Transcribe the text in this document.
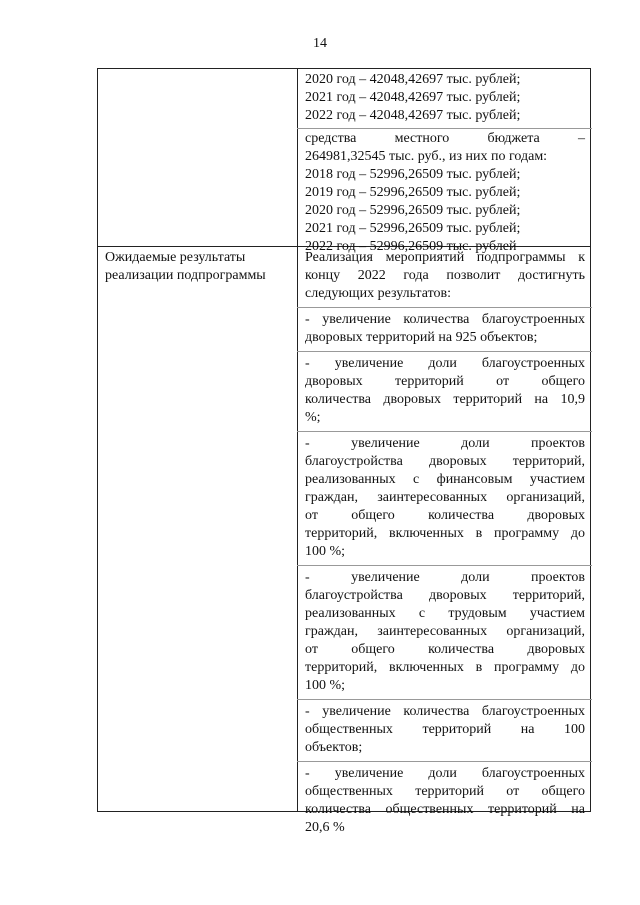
14
2020 год – 42048,42697 тыс. рублей;
2021 год – 42048,42697 тыс. рублей;
2022 год – 42048,42697 тыс. рублей;
средства местного бюджета –
264981,32545 тыс. руб., из них по годам:
2018 год – 52996,26509 тыс. рублей;
2019 год – 52996,26509 тыс. рублей;
2020 год – 52996,26509 тыс. рублей;
2021 год – 52996,26509 тыс. рублей;
2022 год – 52996,26509 тыс. рублей
Ожидаемые результаты
реализации подпрограммы
Реализация мероприятий подпрограммы к
концу 2022 года позволит достигнуть
следующих результатов:
- увеличение количества благоустроенных
дворовых территорий на 925 объектов;
- увеличение доли благоустроенных
дворовых территорий от общего
количества дворовых территорий на 10,9
%;
- увеличение доли проектов
благоустройства дворовых территорий,
реализованных с финансовым участием
граждан, заинтересованных организаций,
от общего количества дворовых
территорий, включенных в программу до
100 %;
- увеличение доли проектов
благоустройства дворовых территорий,
реализованных с трудовым участием
граждан, заинтересованных организаций,
от общего количества дворовых
территорий, включенных в программу до
100 %;
- увеличение количества благоустроенных
общественных территорий на 100
объектов;
- увеличение доли благоустроенных
общественных территорий от общего
количества общественных территорий на
20,6 %
